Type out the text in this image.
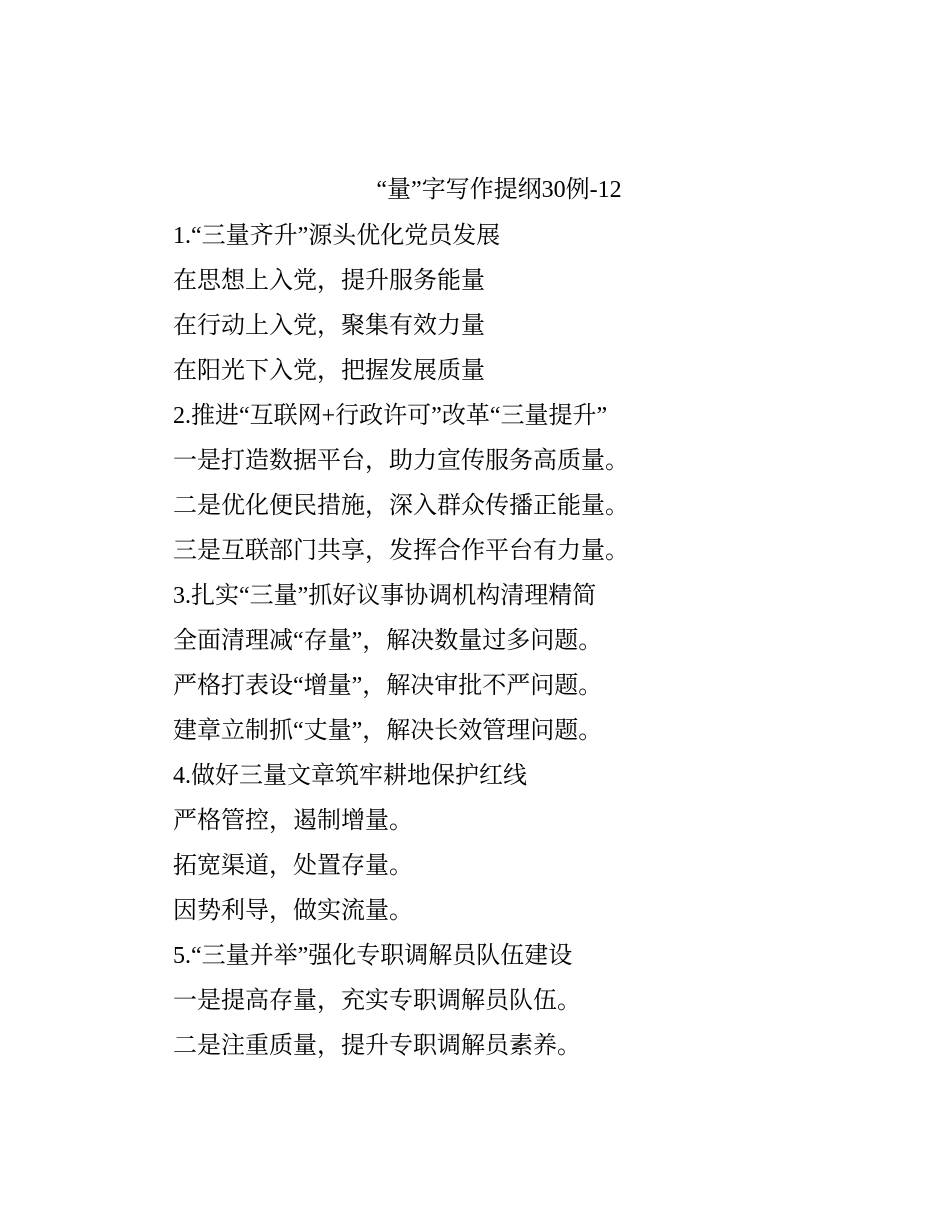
“量”字写作提纲30例-12
1.“三量齐升”源头优化党员发展
在思想上入党，提升服务能量
在行动上入党，聚集有效力量
在阳光下入党，把握发展质量
2.推进“互联网+行政许可”改革“三量提升”
一是打造数据平台，助力宣传服务高质量。
二是优化便民措施，深入群众传播正能量。
三是互联部门共享，发挥合作平台有力量。
3.扎实“三量”抓好议事协调机构清理精简
全面清理减“存量”，解决数量过多问题。
严格打表设“增量”，解决审批不严问题。
建章立制抓“丈量”，解决长效管理问题。
4.做好三量文章筑牢耕地保护红线
严格管控，遏制增量。
拓宽渠道，处置存量。
因势利导，做实流量。
5.“三量并举”强化专职调解员队伍建设
一是提高存量，充实专职调解员队伍。
二是注重质量，提升专职调解员素养。
